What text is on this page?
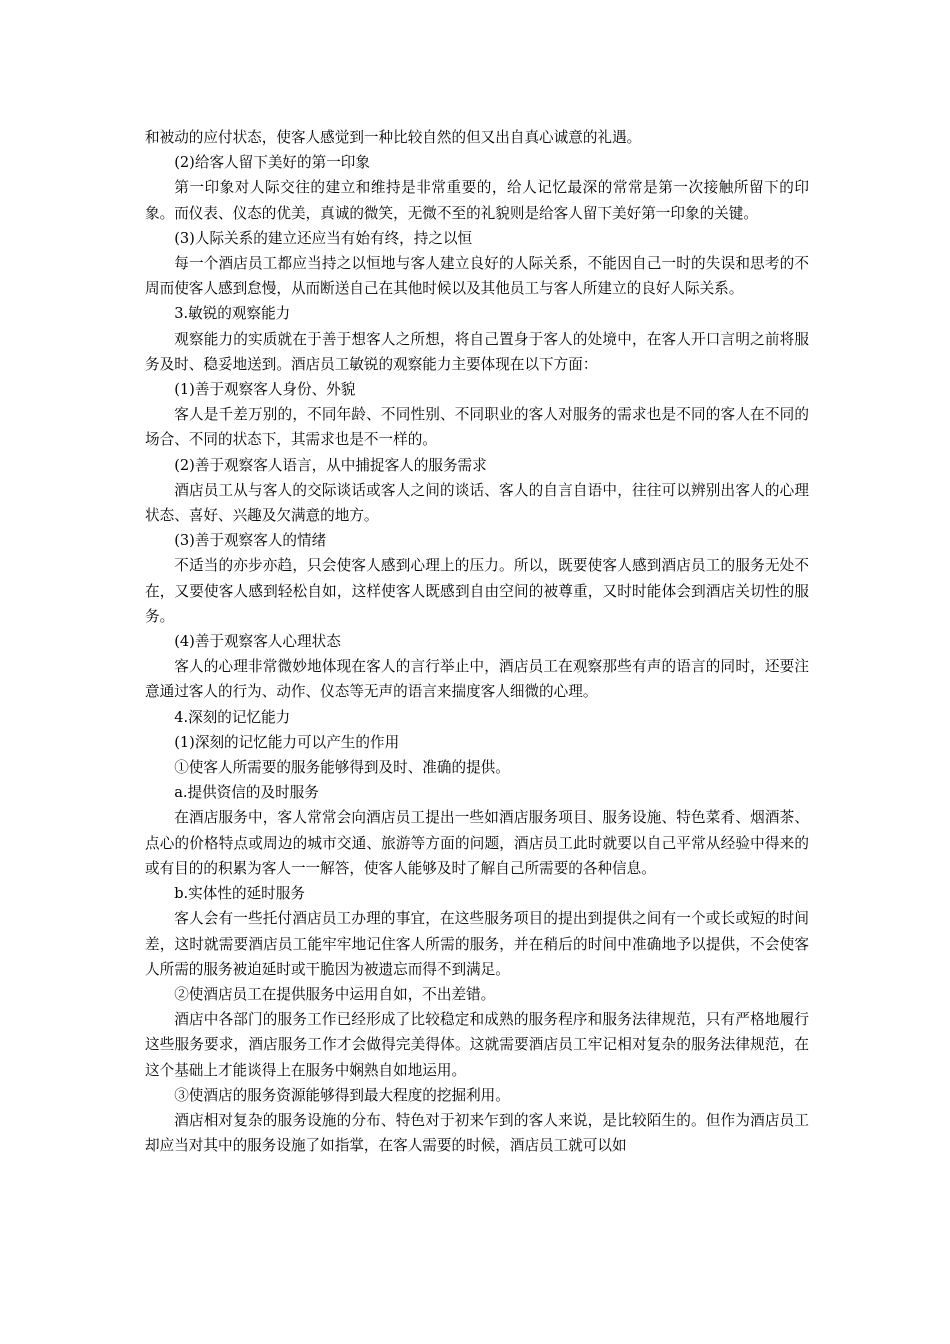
和被动的应付状态，使客人感觉到一种比较自然的但又出自真心诚意的礼遇。

(2)给客人留下美好的第一印象

第一印象对人际交往的建立和维持是非常重要的，给人记忆最深的常常是第一次接触所留下的印象。而仪表、仪态的优美，真诚的微笑，无微不至的礼貌则是给客人留下美好第一印象的关键。

(3)人际关系的建立还应当有始有终，持之以恒

每一个酒店员工都应当持之以恒地与客人建立良好的人际关系，不能因自己一时的失误和思考的不周而使客人感到怠慢，从而断送自己在其他时候以及其他员工与客人所建立的良好人际关系。

3.敏锐的观察能力

观察能力的实质就在于善于想客人之所想，将自己置身于客人的处境中，在客人开口言明之前将服务及时、稳妥地送到。酒店员工敏锐的观察能力主要体现在以下方面：

(1)善于观察客人身份、外貌

客人是千差万别的，不同年龄、不同性别、不同职业的客人对服务的需求也是不同的客人在不同的场合、不同的状态下，其需求也是不一样的。

(2)善于观察客人语言，从中捕捉客人的服务需求

酒店员工从与客人的交际谈话或客人之间的谈话、客人的自言自语中，往往可以辨别出客人的心理状态、喜好、兴趣及欠满意的地方。

(3)善于观察客人的情绪

不适当的亦步亦趋，只会使客人感到心理上的压力。所以，既要使客人感到酒店员工的服务无处不在，又要使客人感到轻松自如，这样使客人既感到自由空间的被尊重，又时时能体会到酒店关切性的服务。

(4)善于观察客人心理状态

客人的心理非常微妙地体现在客人的言行举止中，酒店员工在观察那些有声的语言的同时，还要注意通过客人的行为、动作、仪态等无声的语言来揣度客人细微的心理。

4.深刻的记忆能力

(1)深刻的记忆能力可以产生的作用

①使客人所需要的服务能够得到及时、准确的提供。

a.提供资信的及时服务

在酒店服务中，客人常常会向酒店员工提出一些如酒店服务项目、服务设施、特色菜肴、烟酒茶、点心的价格特点或周边的城市交通、旅游等方面的问题，酒店员工此时就要以自己平常从经验中得来的或有目的的积累为客人一一解答，使客人能够及时了解自己所需要的各种信息。

b.实体性的延时服务

客人会有一些托付酒店员工办理的事宜，在这些服务项目的提出到提供之间有一个或长或短的时间差，这时就需要酒店员工能牢牢地记住客人所需的服务，并在稍后的时间中准确地予以提供，不会使客人所需的服务被迫延时或干脆因为被遗忘而得不到满足。

②使酒店员工在提供服务中运用自如，不出差错。

酒店中各部门的服务工作已经形成了比较稳定和成熟的服务程序和服务法律规范，只有严格地履行这些服务要求，酒店服务工作才会做得完美得体。这就需要酒店员工牢记相对复杂的服务法律规范，在这个基础上才能谈得上在服务中娴熟自如地运用。

③使酒店的服务资源能够得到最大程度的挖掘利用。

酒店相对复杂的服务设施的分布、特色对于初来乍到的客人来说，是比较陌生的。但作为酒店员工却应当对其中的服务设施了如指掌，在客人需要的时候，酒店员工就可以如
